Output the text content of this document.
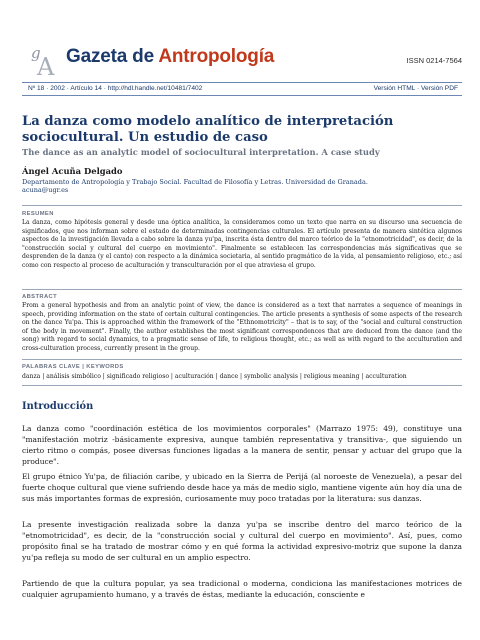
g
A Gazeta de Antropología	ISSN 0214-7564
Nº 18 · 2002 · Artículo 14 · http://hdl.handle.net/10481/7402	Versión HTML · Versión PDF
La danza como modelo analítico de interpretación sociocultural. Un estudio de caso
The dance as an analytic model of sociocultural interpretation. A case study
Ángel Acuña Delgado
Departamento de Antropología y Trabajo Social. Facultad de Filosofía y Letras. Universidad de Granada.
acuna@ugr.es
RESUMEN

La danza, como hipótesis general y desde una óptica analítica, la consideramos como un texto que narra en su discurso una secuencia de significados, que nos informan sobre el estado de determinadas contingencias culturales. El artículo presenta de manera sintética algunos aspectos de la investigación llevada a cabo sobre la danza yu'pa, inscrita ésta dentro del marco teórico de la "etnomotricidad", es decir, de la "construcción social y cultural del cuerpo en movimiento". Finalmente se establecen las correspondencias más significativas que se desprenden de la danza (y el canto) con respecto a la dinámica societaria, al sentido pragmático de la vida, al pensamiento religioso, etc.; así como con respecto al proceso de aculturación y transculturación por el que atraviesa el grupo.

ABSTRACT

From a general hypothesis and from an analytic point of view, the dance is considered as a text that narrates a sequence of meanings in speech, providing information on the state of certain cultural contingencies. The article presents a synthesis of some aspects of the research on the dance Yu'pa. This is approached within the framework of the "Ethnomotricity" – that is to say, of the "social and cultural construction of the body in movement". Finally, the author establishes the most significant correspondences that are deduced from the dance (and the song) with regard to social dynamics, to a pragmatic sense of life, to religious thought, etc.; as well as with regard to the acculturation and cross-culturation process, currently present in the group.

PALABRAS CLAVE | KEYWORDS
danza | análisis simbólico | significado religioso | aculturación | dance | symbolic analysis | religious meaning | acculturation
Introducción

La danza como "coordinación estética de los movimientos corporales" (Marrazo 1975: 49), constituye una "manifestación motriz -básicamente expresiva, aunque también representativa y transitiva-, que siguiendo un cierto ritmo o compás, posee diversas funciones ligadas a la manera de sentir, pensar y actuar del grupo que la produce".

El grupo étnico Yu'pa, de filiación caribe, y ubicado en la Sierra de Perijá (al noroeste de Venezuela), a pesar del fuerte choque cultural que viene sufriendo desde hace ya más de medio siglo, mantiene vigente aún hoy día una de sus más importantes formas de expresión, curiosamente muy poco tratadas por la literatura: sus danzas.

La presente investigación realizada sobre la danza yu'pa se inscribe dentro del marco teórico de la "etnomotricidad", es decir, de la "construcción social y cultural del cuerpo en movimiento". Así, pues, como propósito final se ha tratado de mostrar cómo y en qué forma la actividad expresivo-motriz que supone la danza yu'pa refleja su modo de ser cultural en un amplio espectro.

Partiendo de que la cultura popular, ya sea tradicional o moderna, condiciona las manifestaciones motrices de cualquier agrupamiento humano, y a través de éstas, mediante la educación, consciente e
